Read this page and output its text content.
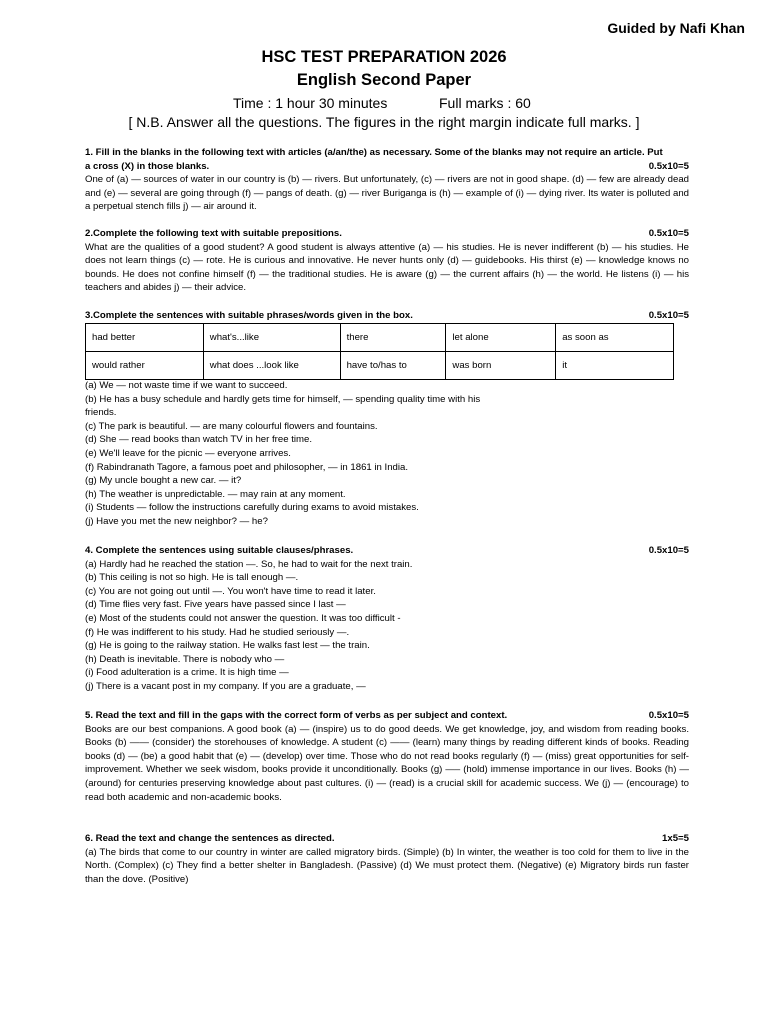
Guided by Nafi Khan
HSC TEST PREPARATION 2026
English Second Paper
Time : 1 hour 30 minutes	Full marks : 60
[ N.B. Answer all the questions. The figures in the right margin indicate full marks. ]
1. Fill in the blanks in the following text with articles (a/an/the) as necessary. Some of the blanks may not require an article. Put
a cross (X) in those blanks.	0.5x10=5

One of (a) — sources of water in our country is (b) — rivers. But unfortunately, (c) — rivers are not in good shape. (d) — few are already dead and (e) — several are going through (f) — pangs of death. (g) — river Buriganga is (h) — example of (i) — dying river. Its water is polluted and a perpetual stench fills j) — air around it.

2.Complete the following text with suitable prepositions.	0.5x10=5

What are the qualities of a good student? A good student is always attentive (a) — his studies. He is never indifferent (b) — his studies. He does not learn things (c) — rote. He is curious and innovative. He never hunts only (d) — guidebooks. His thirst (e) — knowledge knows no bounds. He does not confine himself (f) — the traditional studies. He is aware (g) — the current affairs (h) — the world. He listens (i) — his teachers and abides j) — their advice.

3.Complete the sentences with suitable phrases/words given in the box.	0.5x10=5
had better	what's...like	there	let alone	as soon as
would rather	what does ...look like	have to/has to	was born	it
(a) We — not waste time if we want to succeed.
(b) He has a busy schedule and hardly gets time for himself, — spending quality time with his
friends.
(c) The park is beautiful. — are many colourful flowers and fountains.
(d) She — read books than watch TV in her free time.
(e) We'll leave for the picnic — everyone arrives.
(f) Rabindranath Tagore, a famous poet and philosopher, — in 1861 in India.
(g) My uncle bought a new car. — it?
(h) The weather is unpredictable. — may rain at any moment.
(i) Students — follow the instructions carefully during exams to avoid mistakes.
(j) Have you met the new neighbor? — he?
4. Complete the sentences using suitable clauses/phrases.	0.5x10=5
(a) Hardly had he reached the station —. So, he had to wait for the next train.
(b) This ceiling is not so high. He is tall enough —.
(c) You are not going out until —. You won't have time to read it later.
(d) Time flies very fast. Five years have passed since I last —
(e) Most of the students could not answer the question. It was too difficult -
(f) He was indifferent to his study. Had he studied seriously —.
(g) He is going to the railway station. He walks fast lest — the train.
(h) Death is inevitable. There is nobody who —
(i) Food adulteration is a crime. It is high time —
(j) There is a vacant post in my company. If you are a graduate, —
5. Read the text and fill in the gaps with the correct form of verbs as per subject and context.	0.5x10=5

Books are our best companions. A good book (a) — (inspire) us to do good deeds. We get knowledge, joy, and wisdom from reading books. Books (b) —— (consider) the storehouses of knowledge. A student (c) —— (learn) many things by reading different kinds of books. Reading books (d) — (be) a good habit that (e) — (develop) over time. Those who do not read books regularly (f) — (miss) great opportunities for self-improvement. Whether we seek wisdom, books provide it unconditionally. Books (g) —– (hold) immense importance in our lives. Books (h) — (around) for centuries preserving knowledge about past cultures. (i) — (read) is a crucial skill for academic success. We (j) — (encourage) to read both academic and non-academic books.

6. Read the text and change the sentences as directed.	1x5=5

(a) The birds that come to our country in winter are called migratory birds. (Simple) (b) In winter, the weather is too cold for them to live in the North. (Complex) (c) They find a better shelter in Bangladesh. (Passive) (d) We must protect them. (Negative) (e) Migratory birds run faster than the dove. (Positive)
